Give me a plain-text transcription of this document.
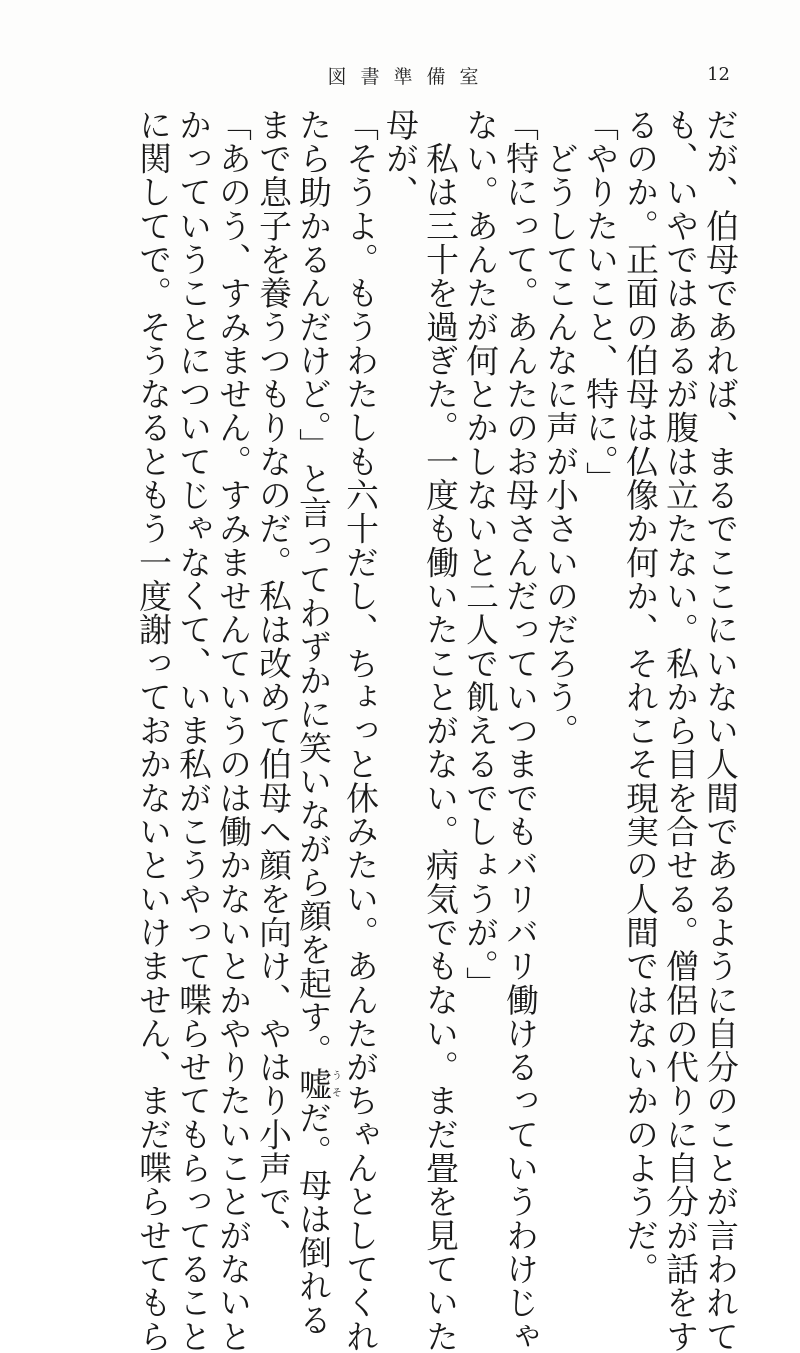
図書準備室	12
だが、伯母であれば、まるでここにいない人間であるように自分のことが言われて
も、いやではあるが腹は立たない。私から目を合せる。僧侶の代りに自分が話をす
るのか。正面の伯母は仏像か何か、それこそ現実の人間ではないかのようだ。
「やりたいこと、特に。」
　どうしてこんなに声が小さいのだろう。
「特にって。あんたのお母さんだっていつまでもバリバリ働けるっていうわけじゃ
ない。あんたが何とかしないと二人で飢えるでしょうが。」
　私は三十を過ぎた。一度も働いたことがない。病気でもない。まだ畳を見ていた
母が、
「そうよ。もうわたしも六十だし、ちょっと休みたい。あんたがちゃんとしてくれ
たら助かるんだけど。」と言ってわずかに笑いながら顔を起す。嘘うそだ。母は倒れる
まで息子を養うつもりなのだ。私は改めて伯母へ顔を向け、やはり小声で、
「あのう、すみません。すみませんていうのは働かないとかやりたいことがないと
かっていうことについてじゃなくて、いま私がこうやって喋らせてもらってること
に関してで。そうなるともう一度謝っておかないといけません、まだ喋らせてもら
